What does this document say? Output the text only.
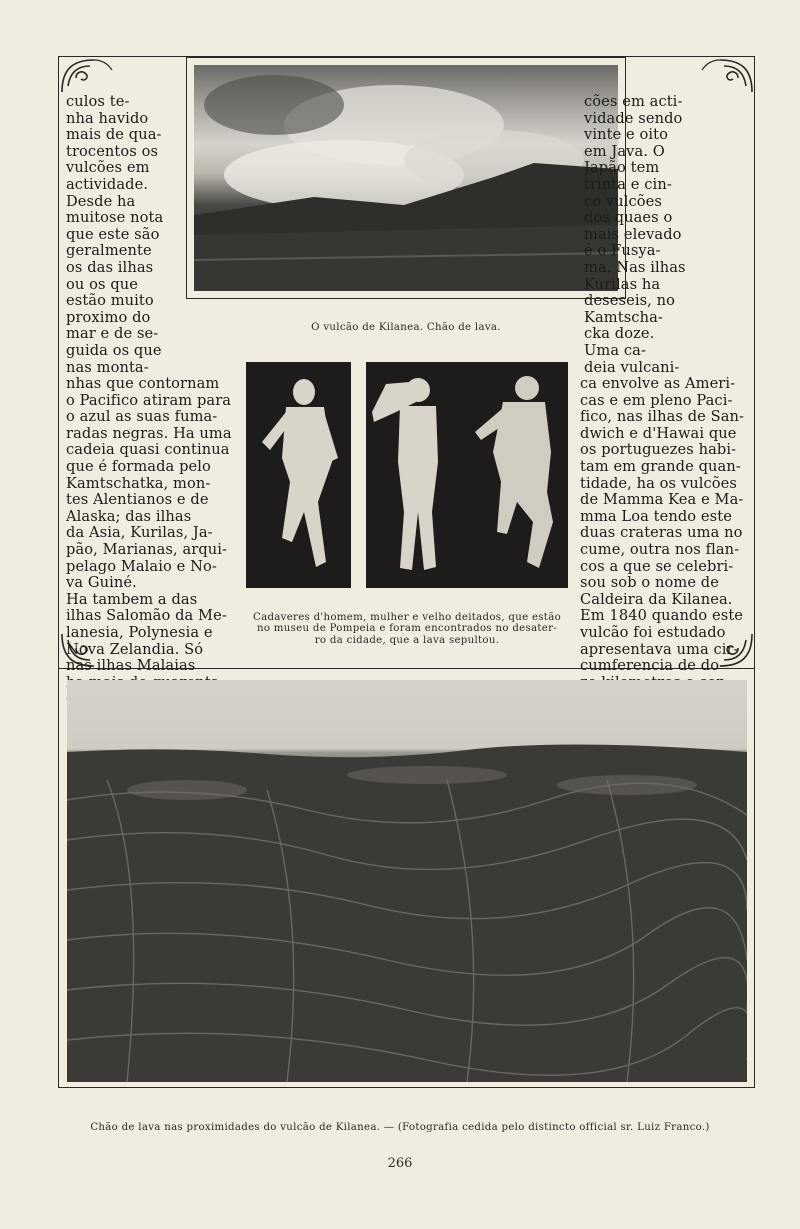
O vulcão de Kilanea. Chão de lava.
Cadaveres d'homem, mulher e velho deitados, que estão
no museu de Pompeia e foram encontrados no desater-
ro da cidade, que a lava sepultou.
culos te-
nha havido
mais de qua-
trocentos os
vulcões em
actividade.
Desde ha
muitose nota
que este são
geralmente
os das ilhas
ou os que
estão muito
proximo do
mar e de se-
guida os que
nas monta-
nhas que contornam
o Pacifico atiram para
o azul as suas fuma-
radas negras. Ha uma
cadeia quasi continua
que é formada pelo
Kamtschatka, mon-
tes Alentianos e de
Alaska; das ilhas
da Asia, Kurilas, Ja-
pão, Marianas, arqui-
pelago Malaio e No-
va Guiné.
Ha tambem a das
ilhas Salomão da Me-
lanesia, Polynesia e
Nova Zelandia. Só
nas ilhas Malaias
cões em acti-
vidade sendo
vinte e oito
em Java. O
Japão tem
trinta e cin-
co vulcões
dos quaes o
mais elevado
é o Fusya-
ma. Nas ilhas
Kurilas ha
deseseis, no
Kamtscha-
cka doze.
Uma ca-
deia vulcani-
ca envolve as Ameri-
cas e em pleno Paci-
fico, nas ilhas de San-
dwich e d'Hawai que
os portuguezes habi-
tam em grande quan-
tidade, ha os vulcões
de Mamma Kea e Ma-
mma Loa tendo este
duas crateras uma no
cume, outra nos flan-
cos a que se celebri-
sou sob o nome de
Caldeira da Kilanea.
Em 1840 quando este
vulcão foi estudado
apresentava uma cir-
cumferencia de do-
Chão de lava nas proximidades do vulcão de Kilanea. — (Fotografia cedida pelo distincto official sr. Luiz Franco.)
266
